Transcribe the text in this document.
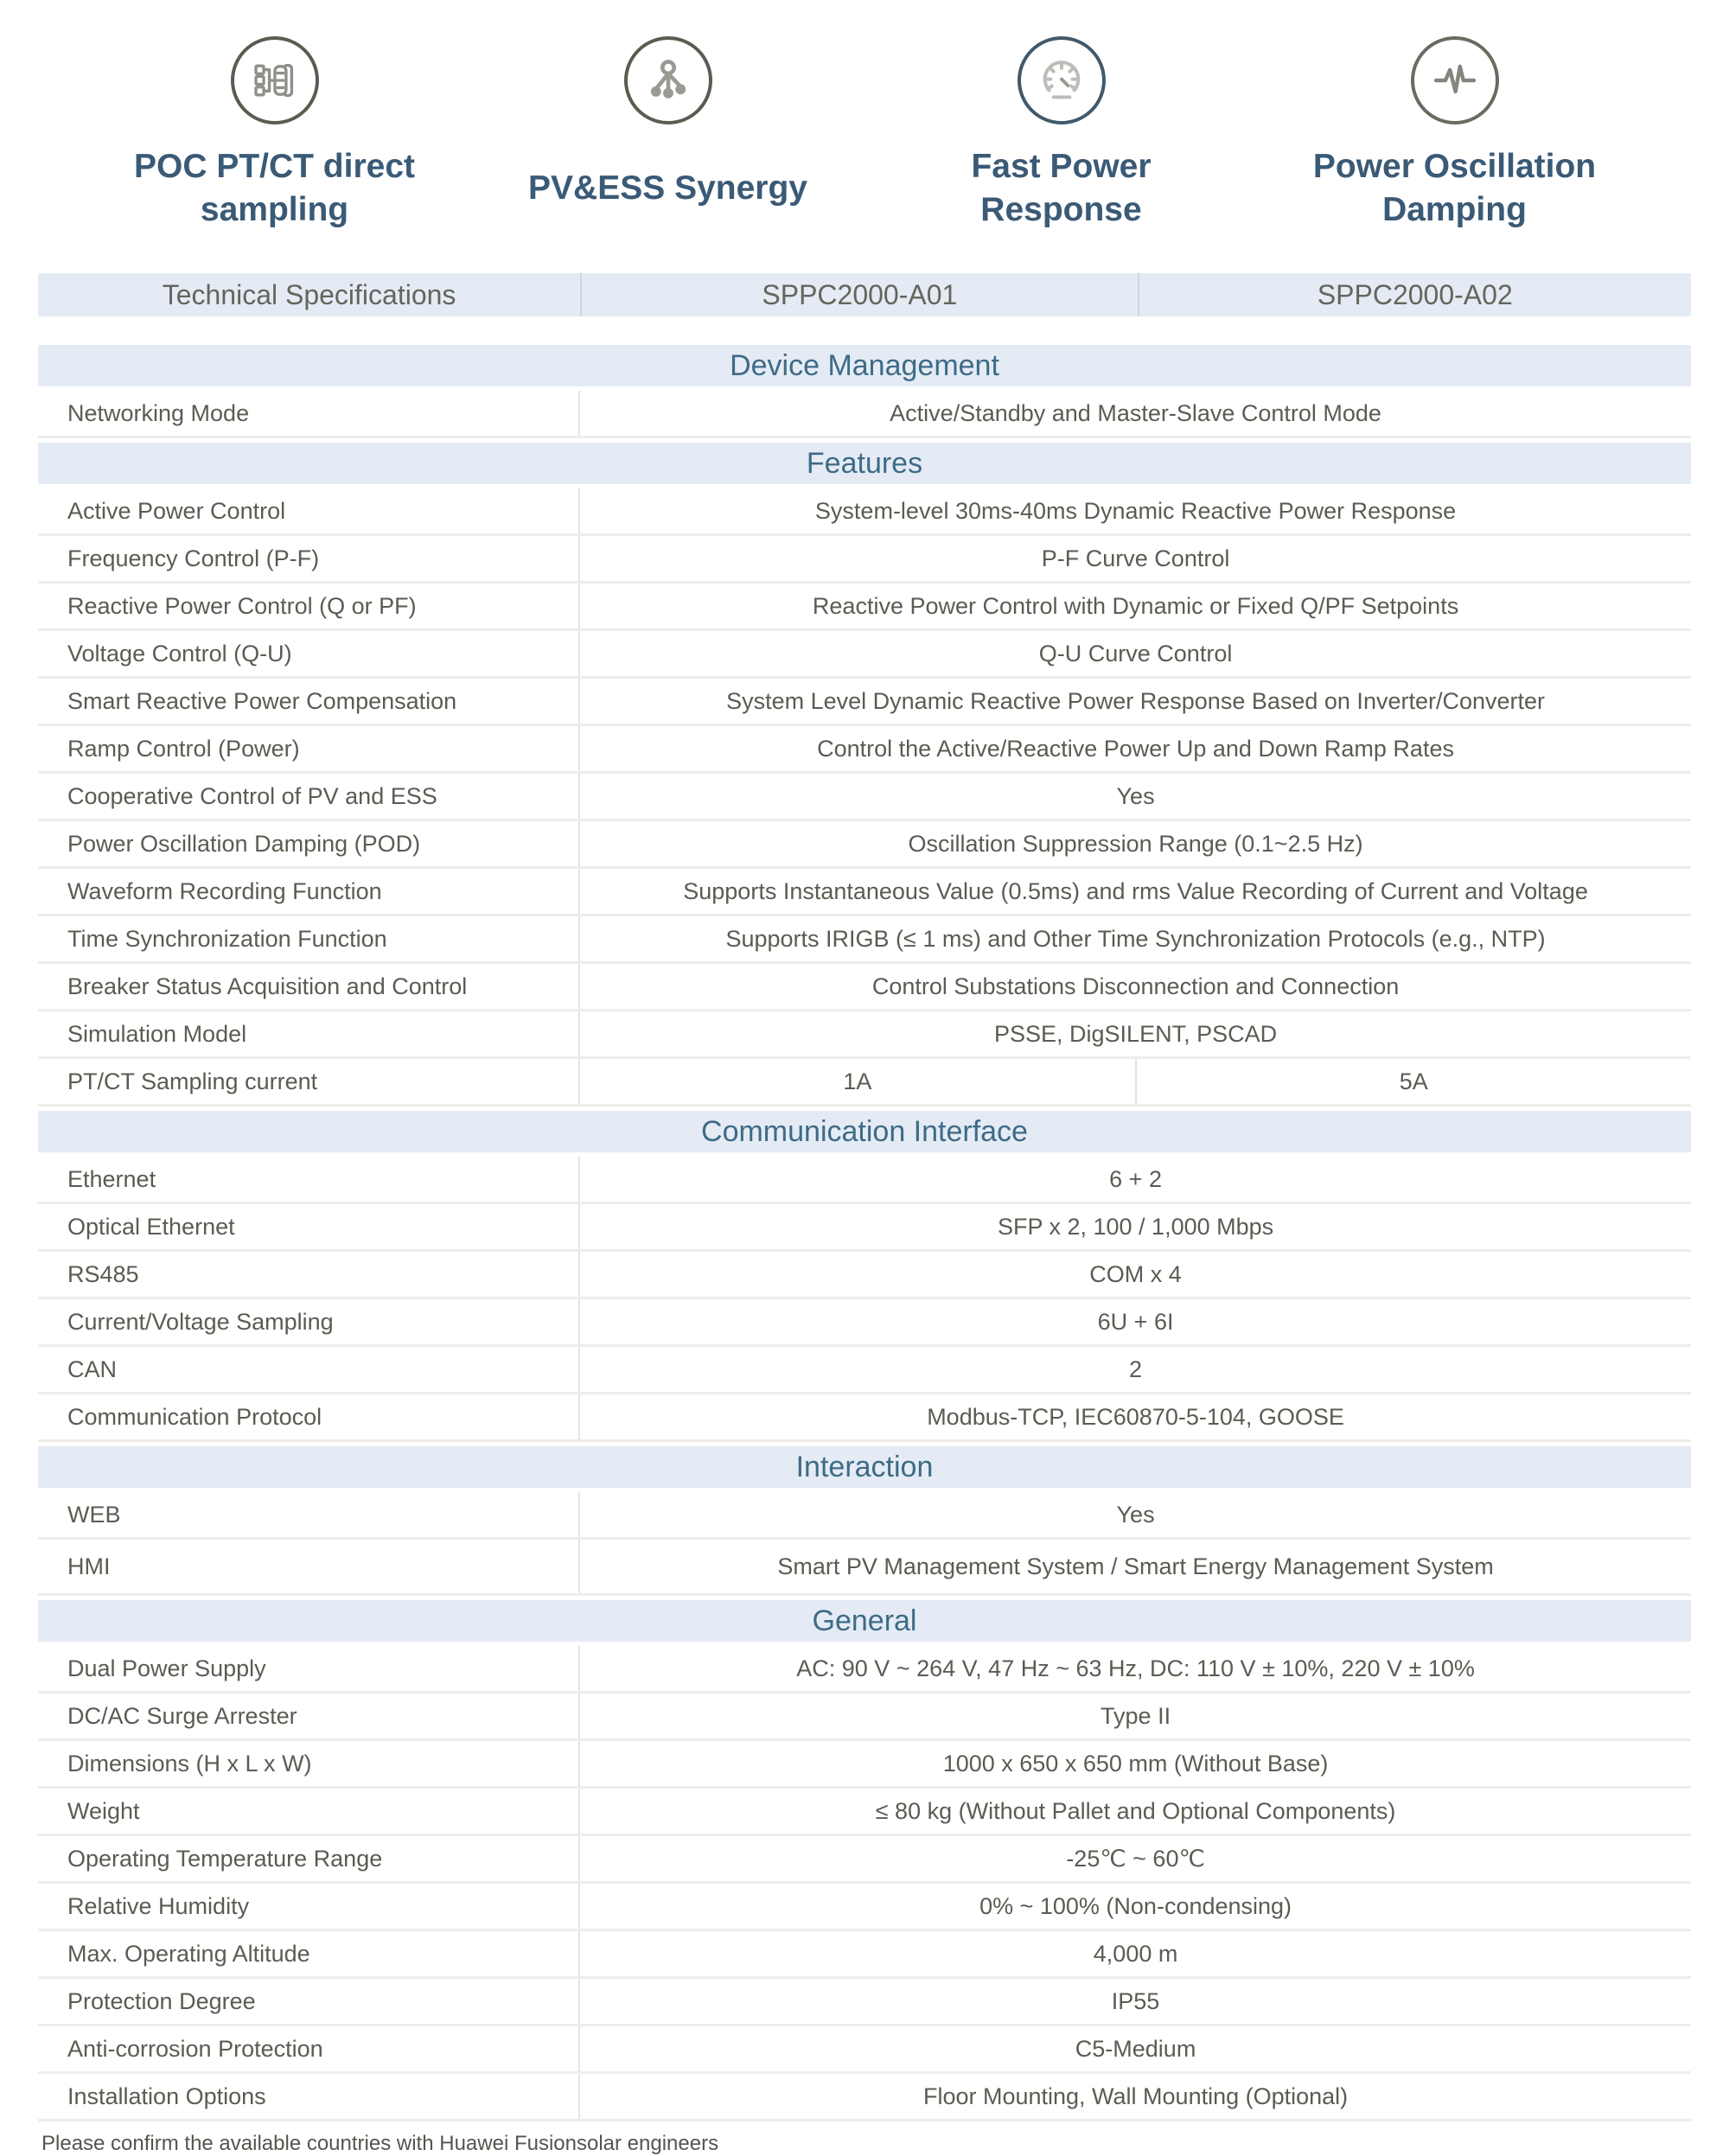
POC PT/CT direct sampling
PV&ESS Synergy
Fast Power Response
Power Oscillation Damping
Technical Specifications	SPPC2000-A01	SPPC2000-A02
Device Management
Networking Mode	Active/Standby and Master-Slave Control Mode
Features
Active Power Control	System-level 30ms-40ms Dynamic Reactive Power Response
Frequency Control (P-F)	P-F Curve Control
Reactive Power Control (Q or PF)	Reactive Power Control with Dynamic or Fixed Q/PF Setpoints
Voltage Control (Q-U)	Q-U Curve Control
Smart Reactive Power Compensation	System Level Dynamic Reactive Power Response Based on Inverter/Converter
Ramp Control (Power)	Control the Active/Reactive Power Up and Down Ramp Rates
Cooperative Control of PV and ESS	Yes
Power Oscillation Damping (POD)	Oscillation Suppression Range (0.1~2.5 Hz)
Waveform Recording Function	Supports Instantaneous Value (0.5ms) and rms Value Recording of Current and Voltage
Time Synchronization Function	Supports IRIGB (≤ 1 ms) and Other Time Synchronization Protocols (e.g., NTP)
Breaker Status Acquisition and Control	Control Substations Disconnection and Connection
Simulation Model	PSSE, DigSILENT, PSCAD
PT/CT Sampling current	1A	5A
Communication Interface
Ethernet	6 + 2
Optical Ethernet	SFP x 2, 100 / 1,000 Mbps
RS485	COM x 4
Current/Voltage Sampling	6U + 6I
CAN	2
Communication Protocol	Modbus-TCP, IEC60870-5-104, GOOSE
Interaction
WEB	Yes
HMI	Smart PV Management System / Smart Energy Management System
General
Dual Power Supply	AC: 90 V ~ 264 V, 47 Hz ~ 63 Hz, DC: 110 V ± 10%, 220 V ± 10%
DC/AC Surge Arrester	Type II
Dimensions (H x L x W)	1000 x 650 x 650 mm (Without Base)
Weight	≤ 80 kg (Without Pallet and Optional Components)
Operating Temperature Range	-25℃ ~ 60℃
Relative Humidity	0% ~ 100% (Non-condensing)
Max. Operating Altitude	4,000 m
Protection Degree	IP55
Anti-corrosion Protection	C5-Medium
Installation Options	Floor Mounting, Wall Mounting (Optional)
Please confirm the available countries with Huawei Fusionsolar engineers
